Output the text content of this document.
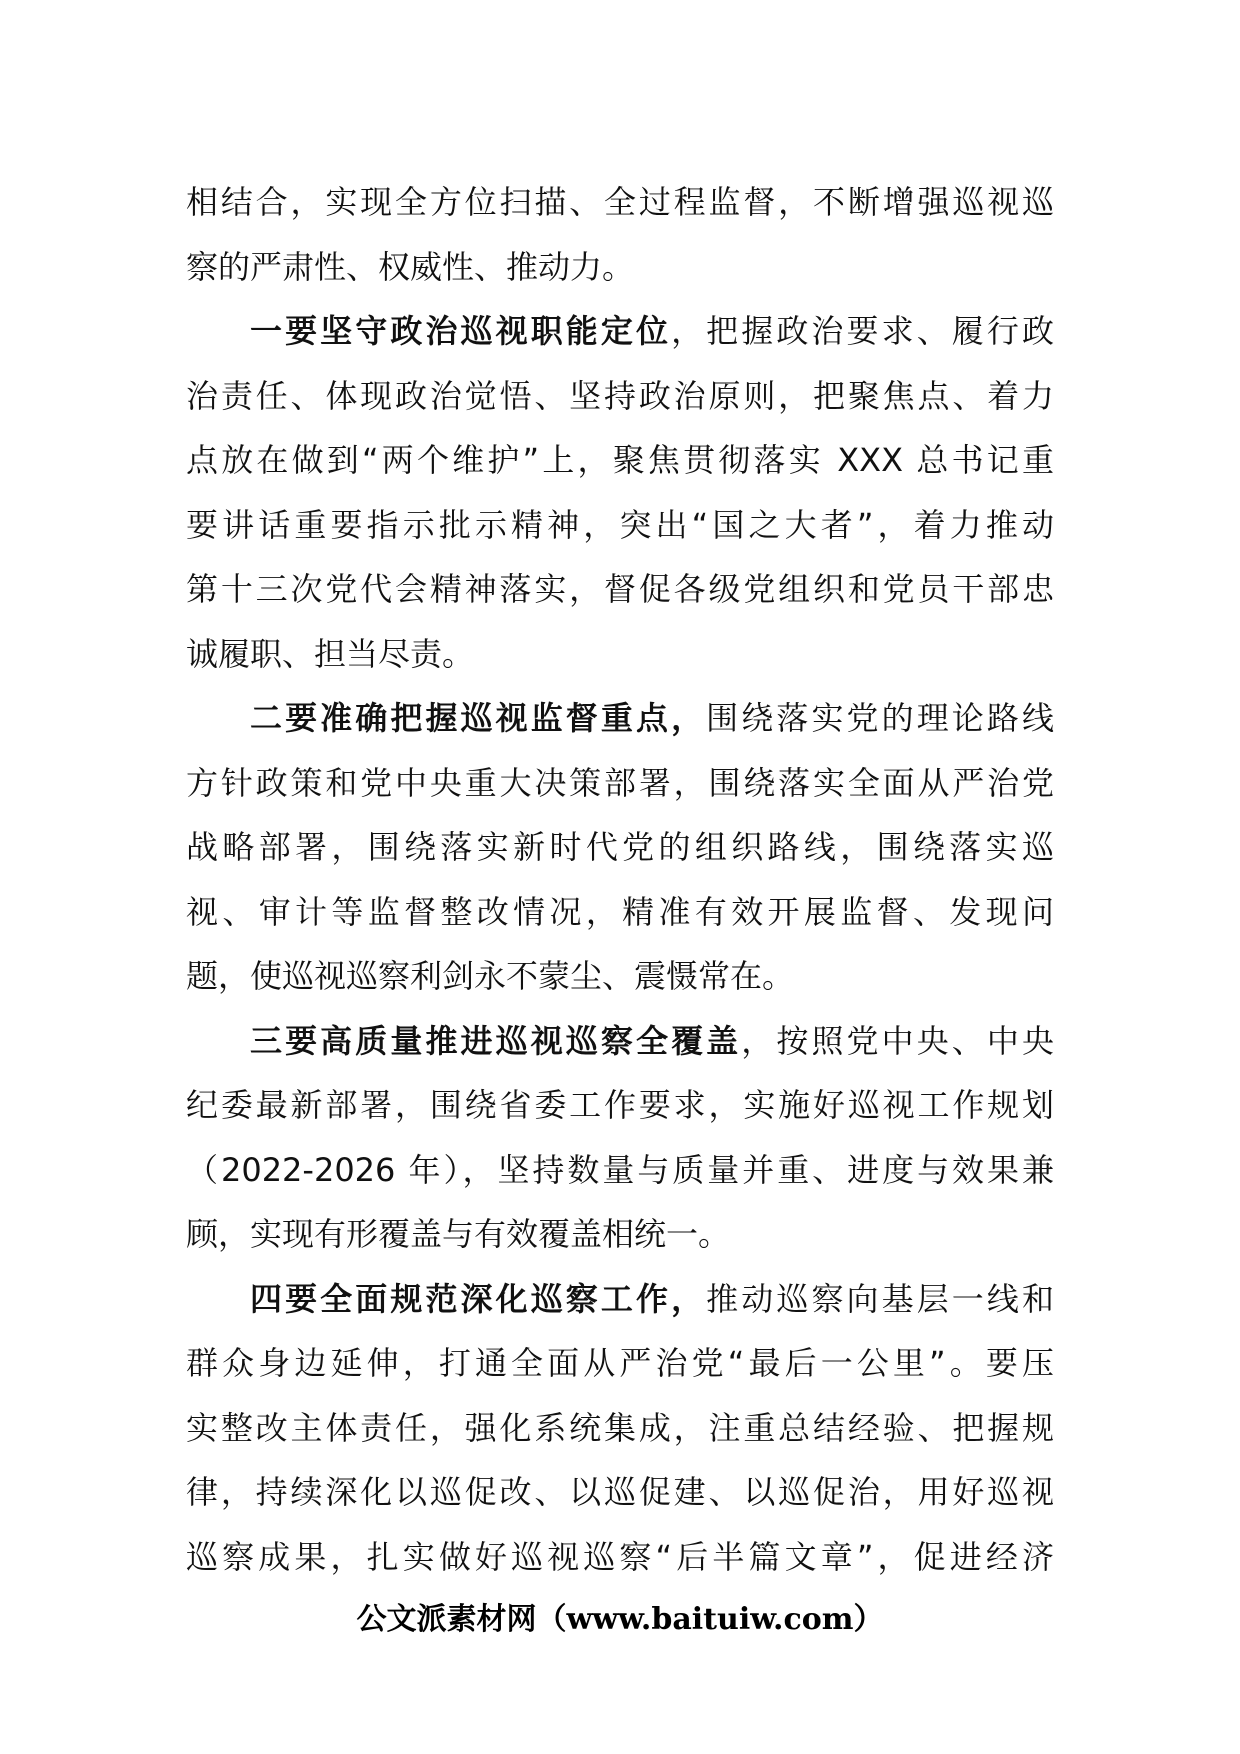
相结合，实现全方位扫描、全过程监督，不断增强巡视巡
察的严肃性、权威性、推动力。
一要坚守政治巡视职能定位，把握政治要求、履行政
治责任、体现政治觉悟、坚持政治原则，把聚焦点、着力
点放在做到“两个维护”上，聚焦贯彻落实 XXX 总书记重
要讲话重要指示批示精神，突出“国之大者”，着力推动
第十三次党代会精神落实，督促各级党组织和党员干部忠
诚履职、担当尽责。
二要准确把握巡视监督重点，围绕落实党的理论路线
方针政策和党中央重大决策部署，围绕落实全面从严治党
战略部署，围绕落实新时代党的组织路线，围绕落实巡
视、审计等监督整改情况，精准有效开展监督、发现问
题，使巡视巡察利剑永不蒙尘、震慑常在。
三要高质量推进巡视巡察全覆盖，按照党中央、中央
纪委最新部署，围绕省委工作要求，实施好巡视工作规划
（2022-2026 年），坚持数量与质量并重、进度与效果兼
顾，实现有形覆盖与有效覆盖相统一。
四要全面规范深化巡察工作，推动巡察向基层一线和
群众身边延伸，打通全面从严治党“最后一公里”。要压
实整改主体责任，强化系统集成，注重总结经验、把握规
律，持续深化以巡促改、以巡促建、以巡促治，用好巡视
巡察成果，扎实做好巡视巡察“后半篇文章”，促进经济
公文派素材网（www.baituiw.com）
